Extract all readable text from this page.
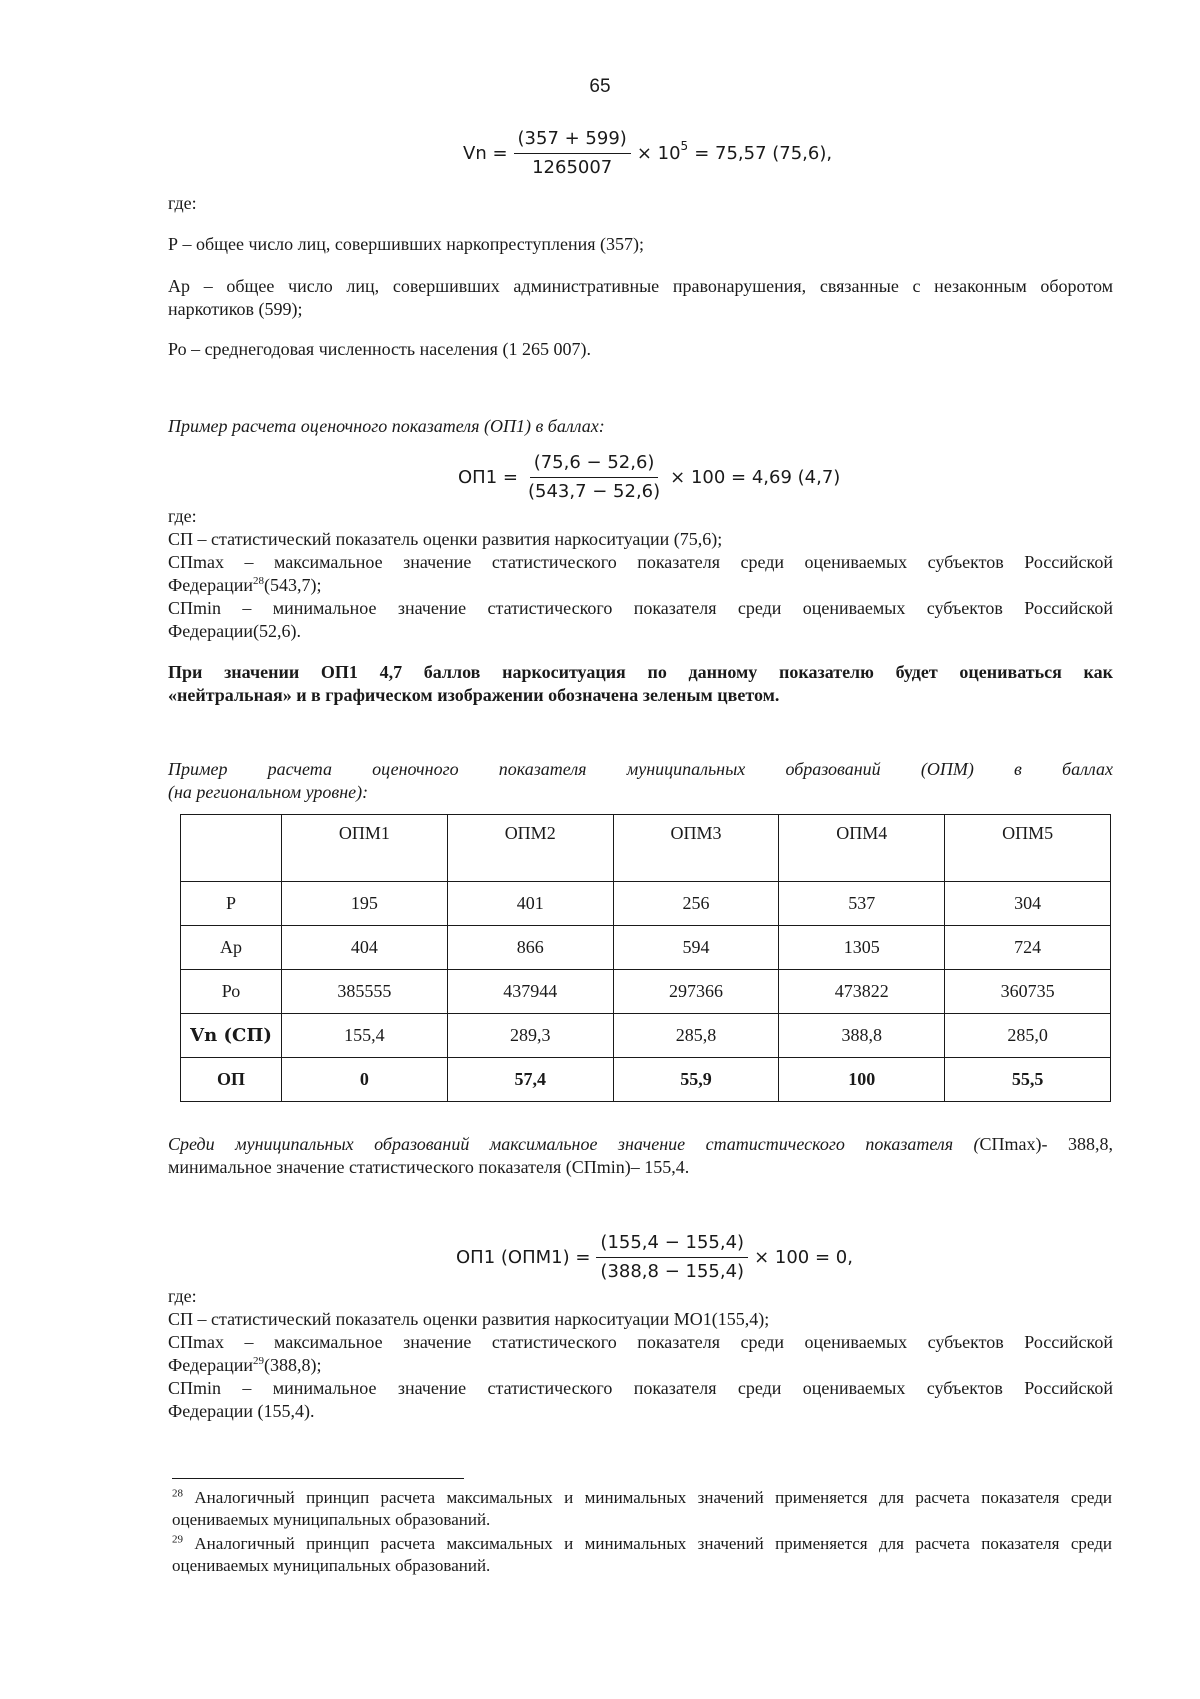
65
$Vn = \frac{(357 + 599)}{1265007} \times 10^5 = 75,57$ (75,6),
где:
Р – общее число лиц, совершивших наркопреступления (357);

Ар – общее число лиц, совершивших административные правонарушения, связанные с незаконным оборотом

наркотиков (599);

Ро – среднегодовая численность населения (1 265 007).
Пример расчета оценочного показателя (ОП1) в баллах:
$ОП1 = \frac{(75,6 - 52,6)}{(543,7 - 52,6)} \times 100 = 4,69$ (4,7)

где:

СП – статистический показатель оценки развития наркоситуации (75,6);

СПmax – максимальное значение статистического показателя среди оцениваемых субъектов Российской

Федерации$^{28}$(543,7);

СПmin – минимальное значение статистического показателя среди оцениваемых субъектов Российской

Федерации(52,6).

При значении ОП1 4,7 баллов наркоситуация по данному показателю будет оцениваться как

«нейтральная» и в графическом изображении обозначена зеленым цветом.

Пример расчета оценочного показателя муниципальных образований (ОПМ) в баллах

(на региональном уровне):

	ОПМ1	ОПМ2	ОПМ3	ОПМ4	ОПМ5
Р	195	401	256	537	304
Ар	404	866	594	1305	724
Ро	385555	437944	297366	473822	360735
Vn (СП)	155,4	289,3	285,8	388,8	285,0
ОП	0	57,4	55,9	100	55,5

Среди муниципальных образований максимальное значение статистического показателя (СПmax)- 388,8,

минимальное значение статистического показателя (СПmin)– 155,4.

ОП1 $(ОПМ1) = \frac{(155,4 - 155,4)}{(388,8 - 155,4)} \times 100 = 0$,

где:

СП – статистический показатель оценки развития наркоситуации МО1(155,4);

СПmax – максимальное значение статистического показателя среди оцениваемых субъектов Российской

Федерации$^{29}$(388,8);

СПmin – минимальное значение статистического показателя среди оцениваемых субъектов Российской

Федерации (155,4).

$^{28}$ Аналогичный принцип расчета максимальных и минимальных значений применяется для расчета показателя среди оцениваемых муниципальных образований.

$^{29}$ Аналогичный принцип расчета максимальных и минимальных значений применяется для расчета показателя среди оцениваемых муниципальных образований.
